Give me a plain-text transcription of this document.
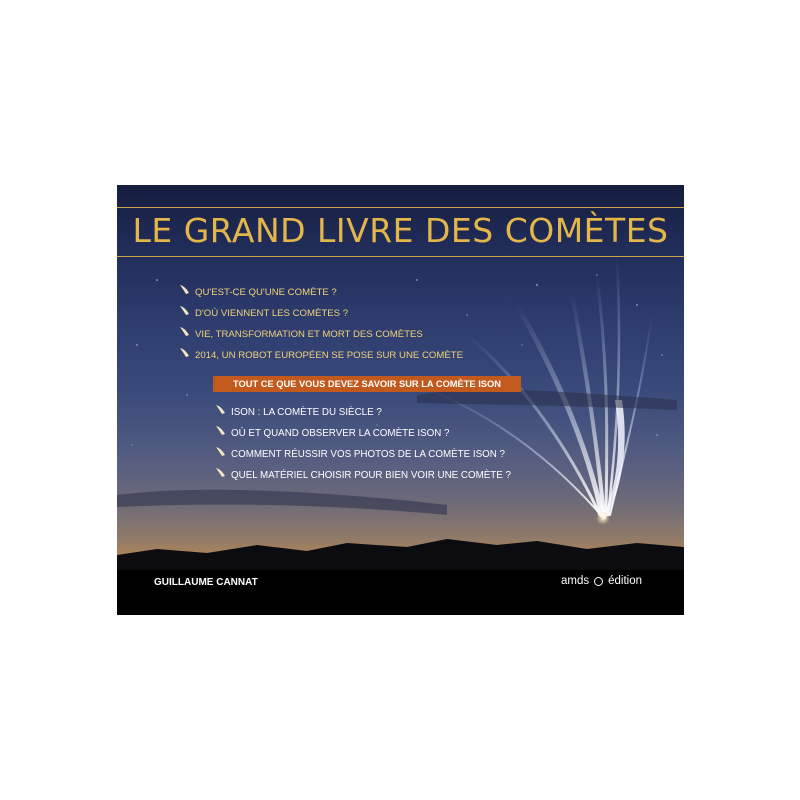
LE GRAND LIVRE DES COMÈTES
QU'EST-CE QU'UNE COMÈTE ?
D'OÙ VIENNENT LES COMÈTES ?
VIE, TRANSFORMATION ET MORT DES COMÈTES
2014, UN ROBOT EUROPÉEN SE POSE SUR UNE COMÈTE
TOUT CE QUE VOUS DEVEZ SAVOIR SUR LA COMÈTE ISON
ISON : LA COMÈTE DU SIÈCLE ?
OÙ ET QUAND OBSERVER LA COMÈTE ISON ?
COMMENT RÉUSSIR VOS PHOTOS DE LA COMÈTE ISON ?
QUEL MATÉRIEL CHOISIR POUR BIEN VOIR UNE COMÈTE ?
GUILLAUME CANNAT	amds édition
